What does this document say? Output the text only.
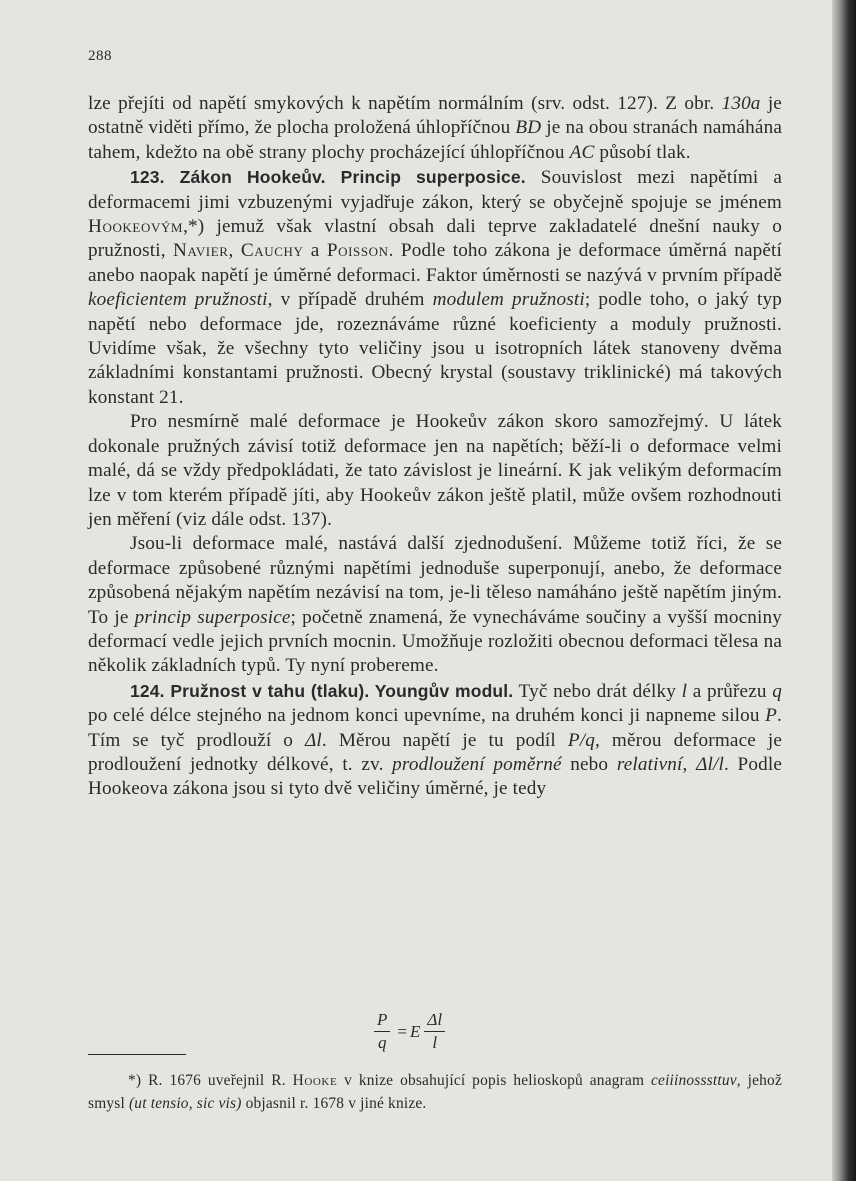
288

lze přejíti od napětí smykových k napětím normálním (srv. odst. 127). Z obr. 130a je ostatně viděti přímo, že plocha proložená úhlopříčnou BD je na obou stranách namáhána tahem, kdežto na obě strany plochy procházející úhlopříčnou AC působí tlak.

123. Zákon Hookeův. Princip superposice. Souvislost mezi napětími a deformacemi jimi vzbuzenými vyjadřuje zákon, který se obyčejně spojuje se jménem Hookeovým,*) jemuž však vlastní obsah dali teprve zakladatelé dnešní nauky o pružnosti, Navier, Cauchy a Poisson. Podle toho zákona je deformace úměrná napětí anebo naopak napětí je úměrné deformaci. Faktor úměrnosti se nazývá v prvním případě koeficientem pružnosti, v případě druhém modulem pružnosti; podle toho, o jaký typ napětí nebo deformace jde, rozeznáváme různé koeficienty a moduly pružnosti. Uvidíme však, že všechny tyto veličiny jsou u isotropních látek stanoveny dvěma základními konstantami pružnosti. Obecný krystal (soustavy triklinické) má takových konstant 21.

Pro nesmírně malé deformace je Hookeův zákon skoro samozřejmý. U látek dokonale pružných závisí totiž deformace jen na napětích; běží-li o deformace velmi malé, dá se vždy předpokládati, že tato závislost je lineární. K jak velikým deformacím lze v tom kterém případě jíti, aby Hookeův zákon ještě platil, může ovšem rozhodnouti jen měření (viz dále odst. 137).

Jsou-li deformace malé, nastává další zjednodušení. Můžeme totiž říci, že se deformace způsobené různými napětími jednoduše superponují, anebo, že deformace způsobená nějakým napětím nezávisí na tom, je-li těleso namáháno ještě napětím jiným. To je princip superposice; početně znamená, že vynecháváme součiny a vyšší mocniny deformací vedle jejich prvních mocnin. Umožňuje rozložiti obecnou deformaci tělesa na několik základních typů. Ty nyní probereme.

124. Pružnost v tahu (tlaku). Youngův modul. Tyč nebo drát délky l a průřezu q po celé délce stejného na jednom konci upevníme, na druhém konci ji napneme silou P. Tím se tyč prodlouží o Δl. Měrou napětí je tu podíl P/q, měrou deformace je prodloužení jednotky délkové, t. zv. prodloužení poměrné nebo relativní, Δl/l. Podle Hookeova zákona jsou si tyto dvě veličiny úměrné, je tedy

$\frac{P}{q} = E \frac{\Delta l}{l}$

*) R. 1676 uveřejnil R. Hooke v knize obsahující popis helioskopů anagram ceiiinosssttuv, jehož smysl (ut tensio, sic vis) objasnil r. 1678 v jiné knize.
